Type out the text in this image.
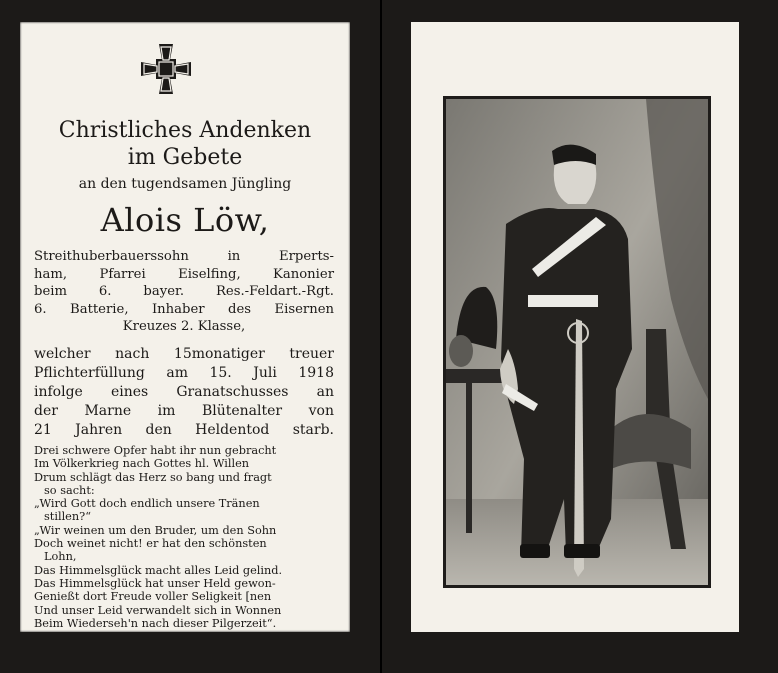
Christliches Andenken
im Gebete
an den tugendsamen Jüngling
Alois Löw,
Streithuberbauerssohn in Erperts-
ham, Pfarrei Eiselfing, Kanonier
beim 6. bayer. Res.-Feldart.-Rgt.
6. Batterie, Inhaber des Eisernen
Kreuzes 2. Klasse,
welcher nach 15monatiger treuer
Pflichterfüllung am 15. Juli 1918
infolge eines Granatschusses an
der Marne im Blütenalter von
21 Jahren den Heldentod starb.
Drei schwere Opfer habt ihr nun gebracht
Im Völkerkrieg nach Gottes hl. Willen
Drum schlägt das Herz so bang und fragt
so sacht:
„Wird Gott doch endlich unsere Tränen
stillen?“
„Wir weinen um den Bruder, um den Sohn
Doch weinet nicht! er hat den schönsten
Lohn,
Das Himmelsglück macht alles Leid gelind.
Das Himmelsglück hat unser Held gewon-
Genießt dort Freude voller Seligkeit [nen
Und unser Leid verwandelt sich in Wonnen
Beim Wiederseh'n nach dieser Pilgerzeit“.
